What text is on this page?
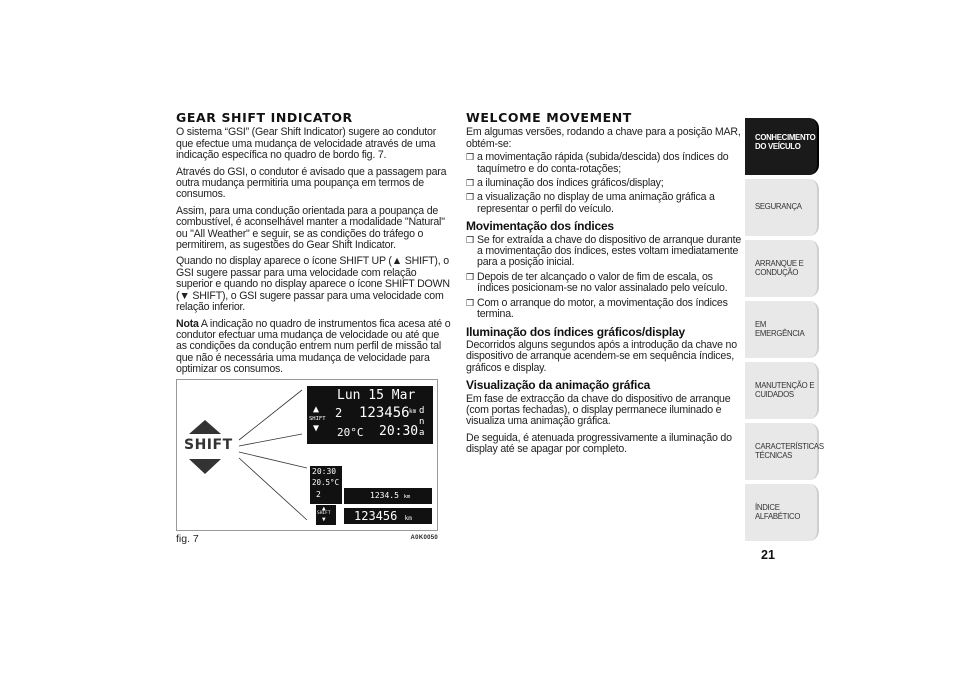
GEAR SHIFT INDICATOR

O sistema “GSI” (Gear Shift Indicator) sugere ao condutor que efectue uma mudança de velocidade através de uma indicação específica no quadro de bordo fig. 7.

Através do GSI, o condutor é avisado que a passagem para outra mudança permitiria uma poupança em termos de consumos.

Assim, para uma condução orientada para a poupança de combustível, é aconselhável manter a modalidade "Natural" ou "All Weather" e seguir, se as condições do tráfego o permitirem, as sugestões do Gear Shift Indicator.

Quando no display aparece o ícone SHIFT UP (▲ SHIFT), o GSI sugere passar para uma velocidade com relação superior e quando no display aparece o ícone SHIFT DOWN (▼ SHIFT), o GSI sugere passar para uma velocidade com relação inferior.

Nota A indicação no quadro de instrumentos fica acesa até o condutor efectuar uma mudança de velocidade ou até que as condições da condução entrem num perfil de missão tal que não é necessária uma mudança de velocidade para optimizar os consumos.

SHIFT
Lun 15 Mar
▲
SHIFT
▼
2 123456 km
20°C 20:30
d n a
20:30
20.5°C
2
▲
SHIFT
▼
1234.5 km
123456 km
fig. 7	A0K0050
WELCOME MOVEMENT

Em algumas versões, rodando a chave para a posição MAR, obtém-se:

❒ a movimentação rápida (subida/descida) dos índices do taquímetro e do conta-rotações;
❒ a iluminação dos índices gráficos/display;
❒ a visualização no display de uma animação gráfica a representar o perfil do veículo.
Movimentação dos índices
❒ Se for extraída a chave do dispositivo de arranque durante a movimentação dos índices, estes voltam imediatamente para a posição inicial.
❒ Depois de ter alcançado o valor de fim de escala, os índices posicionam-se no valor assinalado pelo veículo.
❒ Com o arranque do motor, a movimentação dos índices termina.
Iluminação dos índices gráficos/display

Decorridos alguns segundos após a introdução da chave no dispositivo de arranque acendem-se em sequência índices, gráficos e display.

Visualização da animação gráfica

Em fase de extracção da chave do dispositivo de arranque (com portas fechadas), o display permanece iluminado e visualiza uma animação gráfica.

De seguida, é atenuada progressivamente a iluminação do display até se apagar por completo.

CONHECIMENTO
DO VEÍCULO
SEGURANÇA
ARRANQUE E
CONDUÇÃO
EM EMERGÊNCIA
MANUTENÇÃO E
CUIDADOS
CARACTERÍSTICAS
TÉCNICAS
ÍNDICE ALFABÉTICO
21
